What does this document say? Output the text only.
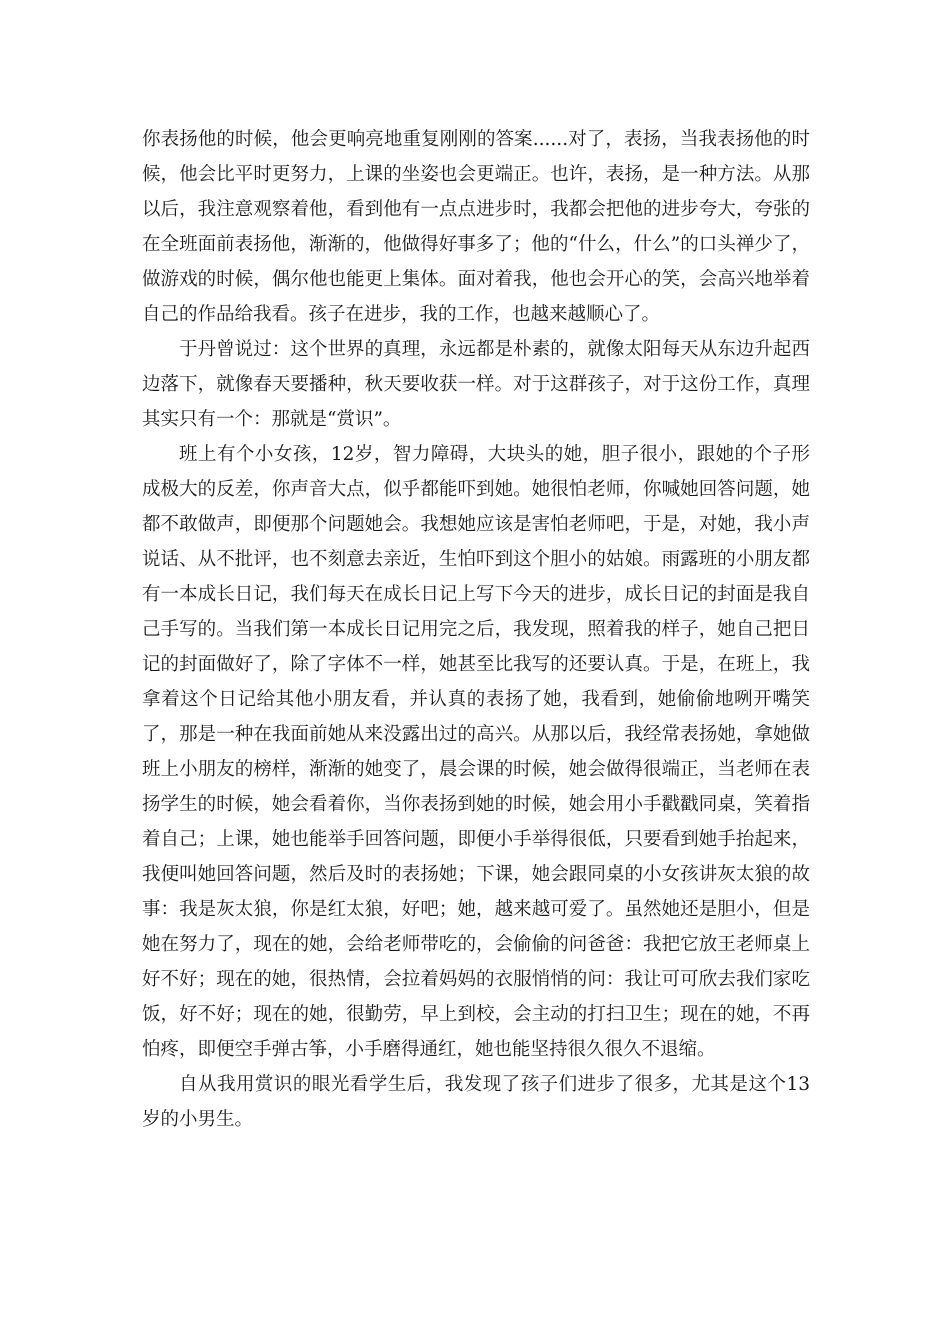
你表扬他的时候，他会更响亮地重复刚刚的答案......对了，表扬，当我表扬他的时候，他会比平时更努力，上课的坐姿也会更端正。也许，表扬，是一种方法。从那以后，我注意观察着他，看到他有一点点进步时，我都会把他的进步夸大，夸张的在全班面前表扬他，渐渐的，他做得好事多了；他的“什么，什么”的口头禅少了，做游戏的时候，偶尔他也能更上集体。面对着我，他也会开心的笑，会高兴地举着自己的作品给我看。孩子在进步，我的工作，也越来越顺心了。

于丹曾说过：这个世界的真理，永远都是朴素的，就像太阳每天从东边升起西边落下，就像春天要播种，秋天要收获一样。对于这群孩子，对于这份工作，真理其实只有一个：那就是“赏识”。

班上有个小女孩，12岁，智力障碍，大块头的她，胆子很小，跟她的个子形成极大的反差，你声音大点，似乎都能吓到她。她很怕老师，你喊她回答问题，她都不敢做声，即便那个问题她会。我想她应该是害怕老师吧，于是，对她，我小声说话、从不批评，也不刻意去亲近，生怕吓到这个胆小的姑娘。雨露班的小朋友都有一本成长日记，我们每天在成长日记上写下今天的进步，成长日记的封面是我自己手写的。当我们第一本成长日记用完之后，我发现，照着我的样子，她自己把日记的封面做好了，除了字体不一样，她甚至比我写的还要认真。于是，在班上，我拿着这个日记给其他小朋友看，并认真的表扬了她，我看到，她偷偷地咧开嘴笑了，那是一种在我面前她从来没露出过的高兴。从那以后，我经常表扬她，拿她做班上小朋友的榜样，渐渐的她变了，晨会课的时候，她会做得很端正，当老师在表扬学生的时候，她会看着你，当你表扬到她的时候，她会用小手戳戳同桌，笑着指着自己；上课，她也能举手回答问题，即便小手举得很低，只要看到她手抬起来，我便叫她回答问题，然后及时的表扬她；下课，她会跟同桌的小女孩讲灰太狼的故事：我是灰太狼，你是红太狼，好吧；她，越来越可爱了。虽然她还是胆小，但是她在努力了，现在的她，会给老师带吃的，会偷偷的问爸爸：我把它放王老师桌上好不好；现在的她，很热情，会拉着妈妈的衣服悄悄的问：我让可可欣去我们家吃饭，好不好；现在的她，很勤劳，早上到校，会主动的打扫卫生；现在的她，不再怕疼，即便空手弹古筝，小手磨得通红，她也能坚持很久很久不退缩。

自从我用赏识的眼光看学生后，我发现了孩子们进步了很多，尤其是这个13岁的小男生。
